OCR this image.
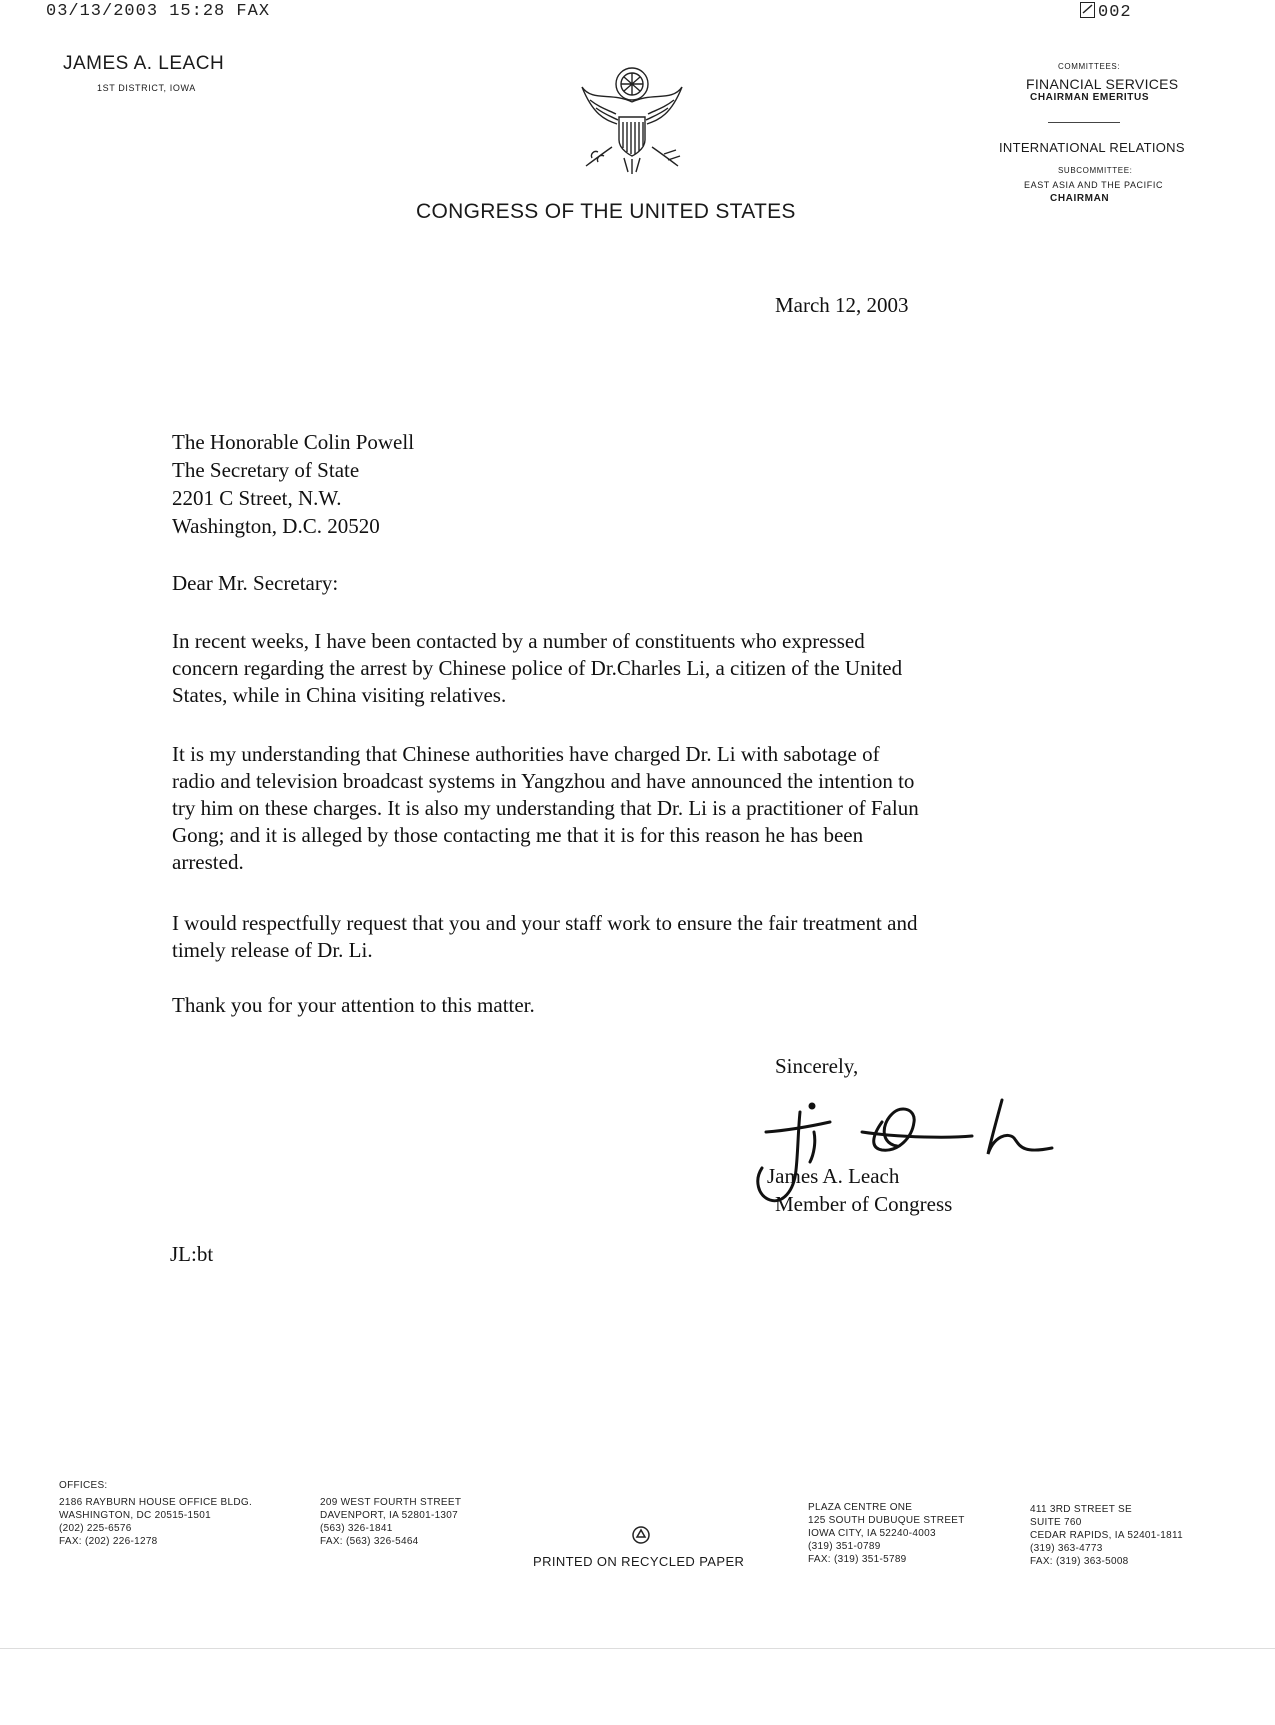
03/13/2003 15:28 FAX	002
JAMES A. LEACH
1ST DISTRICT, IOWA
CONGRESS OF THE UNITED STATES
COMMITTEES:
FINANCIAL SERVICES
CHAIRMAN EMERITUS
INTERNATIONAL RELATIONS
SUBCOMMITTEE:
EAST ASIA AND THE PACIFIC
CHAIRMAN
March 12, 2003
The Honorable Colin Powell
The Secretary of State
2201 C Street, N.W.
Washington, D.C. 20520
Dear Mr. Secretary:
In recent weeks, I have been contacted by a number of constituents who expressed
concern regarding the arrest by Chinese police of Dr.Charles Li, a citizen of the United
States, while in China visiting relatives.
It is my understanding that Chinese authorities have charged Dr. Li with sabotage of
radio and television broadcast systems in Yangzhou and have announced the intention to
try him on these charges. It is also my understanding that Dr. Li is a practitioner of Falun
Gong; and it is alleged by those contacting me that it is for this reason he has been
arrested.
I would respectfully request that you and your staff work to ensure the fair treatment and
timely release of Dr. Li.
Thank you for your attention to this matter.
Sincerely,
James A. Leach
Member of Congress
JL:bt
OFFICES:
2186 RAYBURN HOUSE OFFICE BLDG.
WASHINGTON, DC 20515-1501
(202) 225-6576
FAX: (202) 226-1278
209 WEST FOURTH STREET
DAVENPORT, IA 52801-1307
(563) 326-1841
FAX: (563) 326-5464
PRINTED ON RECYCLED PAPER
PLAZA CENTRE ONE
125 SOUTH DUBUQUE STREET
IOWA CITY, IA 52240-4003
(319) 351-0789
FAX: (319) 351-5789
411 3RD STREET SE
SUITE 760
CEDAR RAPIDS, IA 52401-1811
(319) 363-4773
FAX: (319) 363-5008
